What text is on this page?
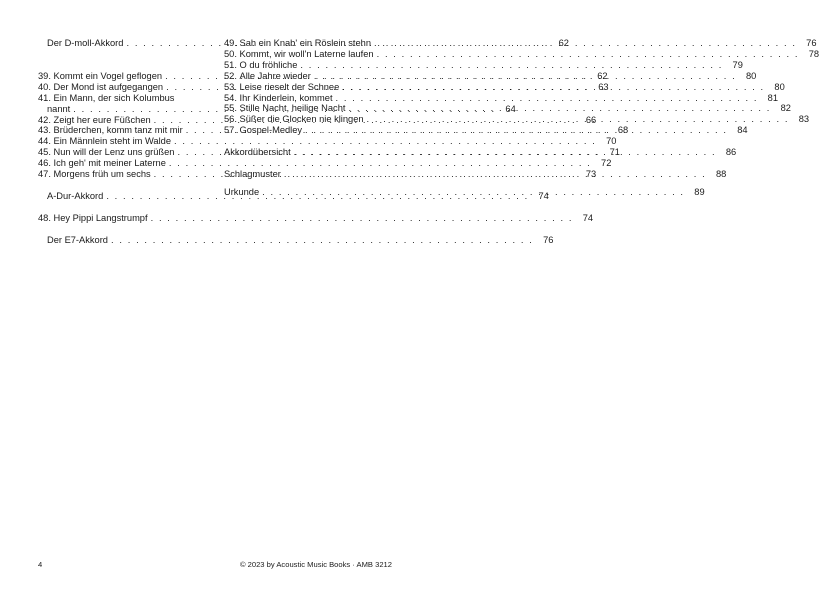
Der D-moll-Akkord . . .	62
39. Kommt ein Vogel geflogen . . .	62
40. Der Mond ist aufgegangen . . .	63
41. Ein Mann, der sich Kolumbus
nannt . . .	64
42. Zeigt her eure Füßchen . . .	66
43. Brüderchen, komm tanz mit mir . . .	68
44. Ein Männlein steht im Walde . . .	70
45. Nun will der Lenz uns grüßen . . .	71
46. Ich geh' mit meiner Laterne . . .	72
47. Morgens früh um sechs . . .	73
A-Dur-Akkord . . .	74
48. Hey Pippi Langstrumpf . . .	74
Der E7-Akkord . . .	76
49. Sah ein Knab' ein Röslein stehn . . .	76
50. Kommt, wir woll'n Laterne laufen . . .	78
51. O du fröhliche . . .	79
52. Alle Jahre wieder . . .	80
53. Leise rieselt der Schnee . . .	80
54. Ihr Kinderlein, kommet . . .	81
55. Stille Nacht, heilige Nacht . . .	82
56. Süßer die Glocken nie klingen . . .	83
57. Gospel-Medley . . .	84
Akkordübersicht . . .	86
Schlagmuster . . .	88
Urkunde . . .	89
4	© 2023 by Acoustic Music Books · AMB 3212
